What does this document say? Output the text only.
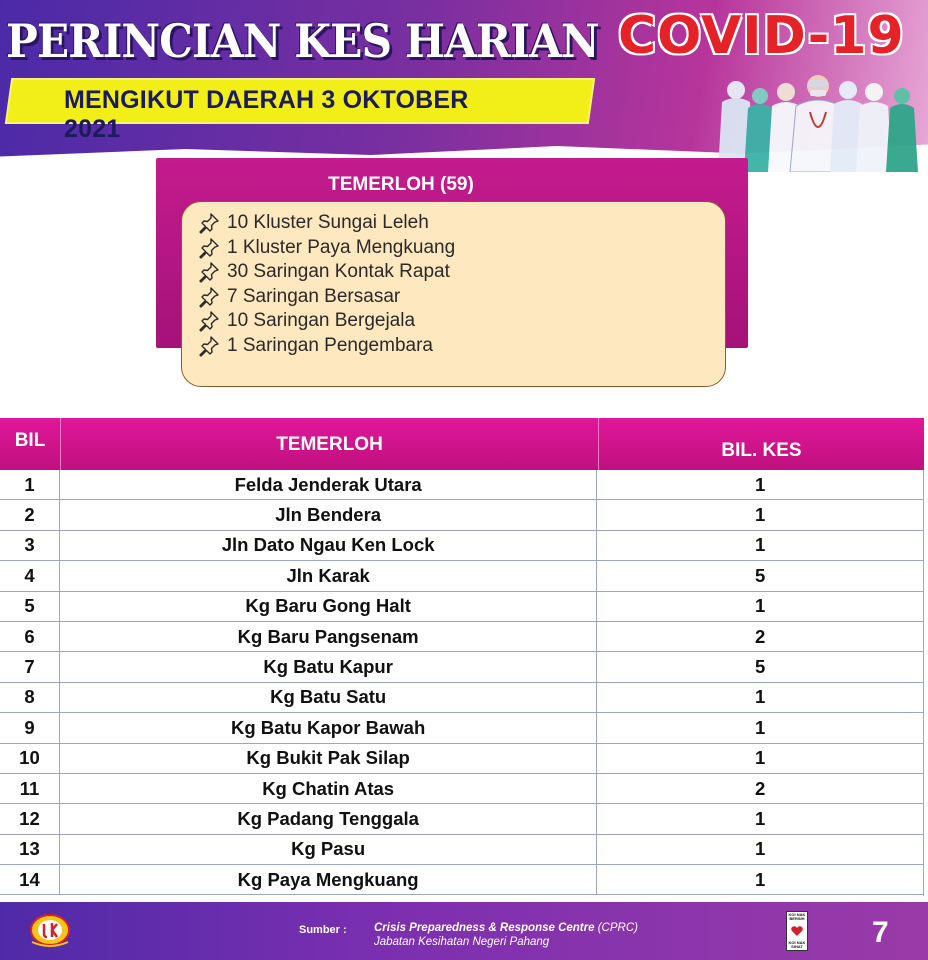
PERINCIAN KES HARIAN COVID-19
MENGIKUT DAERAH 3 OKTOBER 2021
TEMERLOH (59)
10 Kluster Sungai Leleh
1 Kluster Paya Mengkuang
30 Saringan Kontak Rapat
7 Saringan Bersasar
10 Saringan Bergejala
1 Saringan Pengembara
BIL	TEMERLOH	BIL. KES
1	Felda Jenderak Utara	1
2	Jln Bendera	1
3	Jln Dato Ngau Ken Lock	1
4	Jln Karak	5
5	Kg Baru Gong Halt	1
6	Kg Baru Pangsenam	2
7	Kg Batu Kapur	5
8	Kg Batu Satu	1
9	Kg Batu Kapor Bawah	1
10	Kg Bukit Pak Silap	1
11	Kg Chatin Atas	2
12	Kg Padang Tenggala	1
13	Kg Pasu	1
14	Kg Paya Mengkuang	1
Sumber : Crisis Preparedness & Response Centre (CPRC)
Jabatan Kesihatan Negeri Pahang
KOI NAK
BERSIH
KOI NAK
SIHAT 7
